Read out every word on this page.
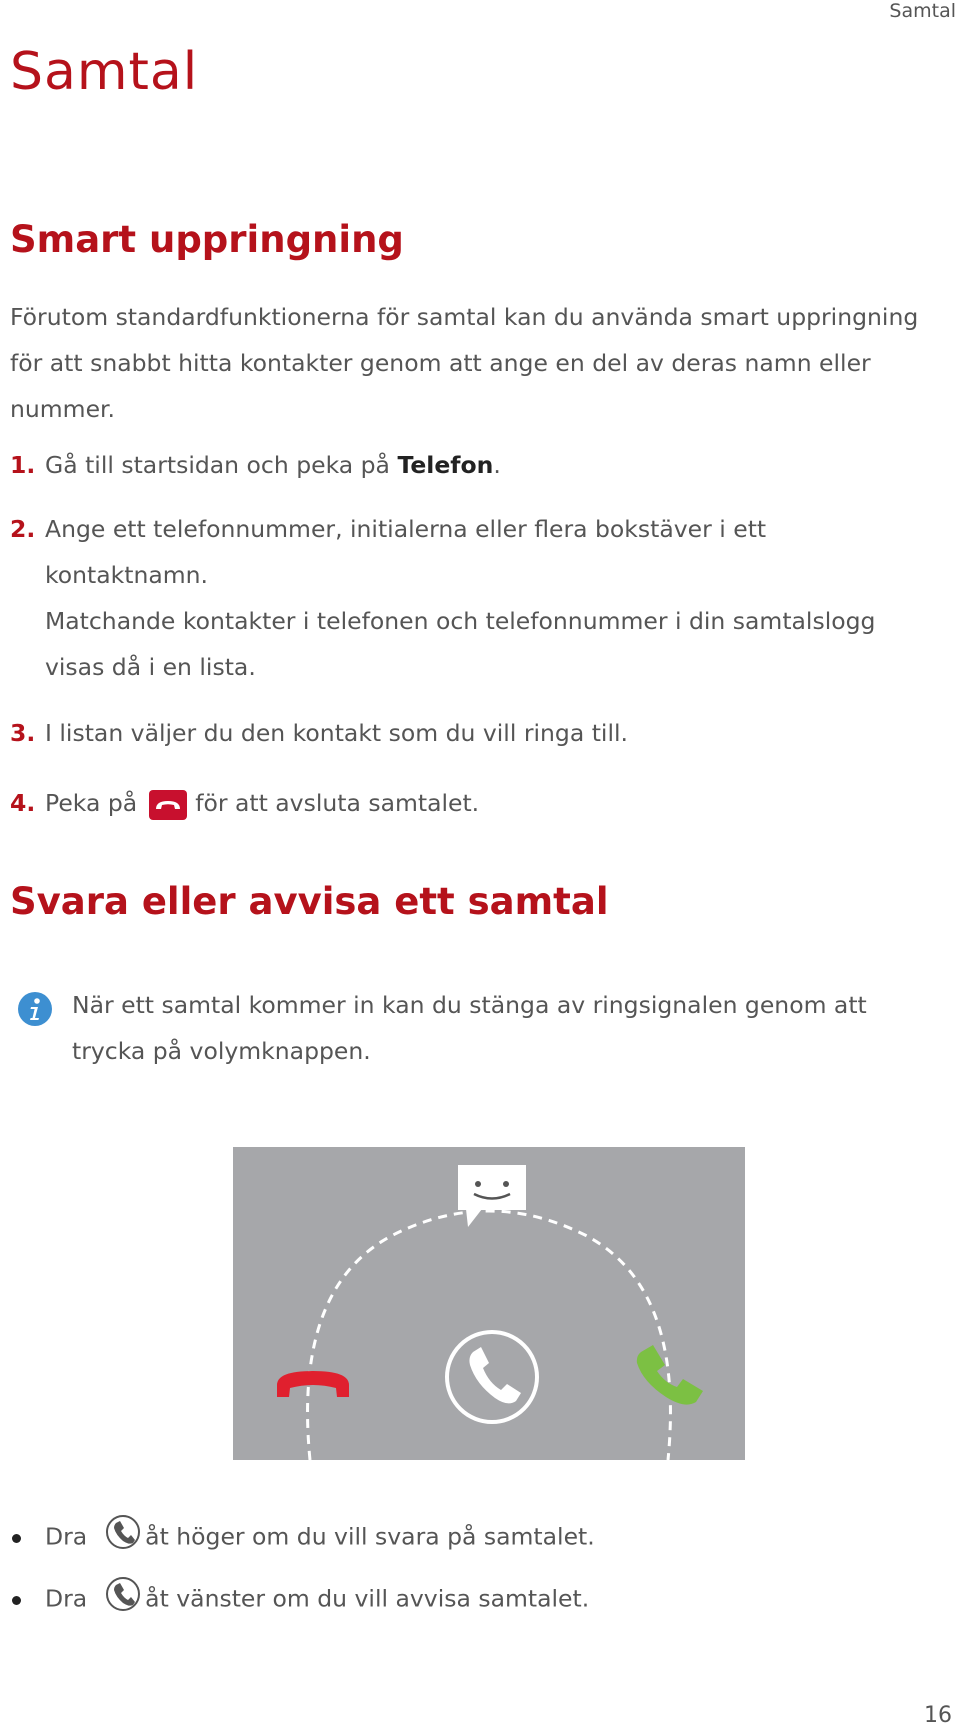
Samtal
Samtal
Smart uppringning
Förutom standardfunktionerna för samtal kan du använda smart uppringning
för att snabbt hitta kontakter genom att ange en del av deras namn eller
nummer.
1. Gå till startsidan och peka på Telefon.
2. Ange ett telefonnummer, initialerna eller flera bokstäver i ett
kontaktnamn.
Matchande kontakter i telefonen och telefonnummer i din samtalslogg
visas då i en lista.
3. I listan väljer du den kontakt som du vill ringa till.
4. Peka på för att avsluta samtalet.
Svara eller avvisa ett samtal
När ett samtal kommer in kan du stänga av ringsignalen genom att
trycka på volymknappen.
Dra åt höger om du vill svara på samtalet.
Dra åt vänster om du vill avvisa samtalet.
16
